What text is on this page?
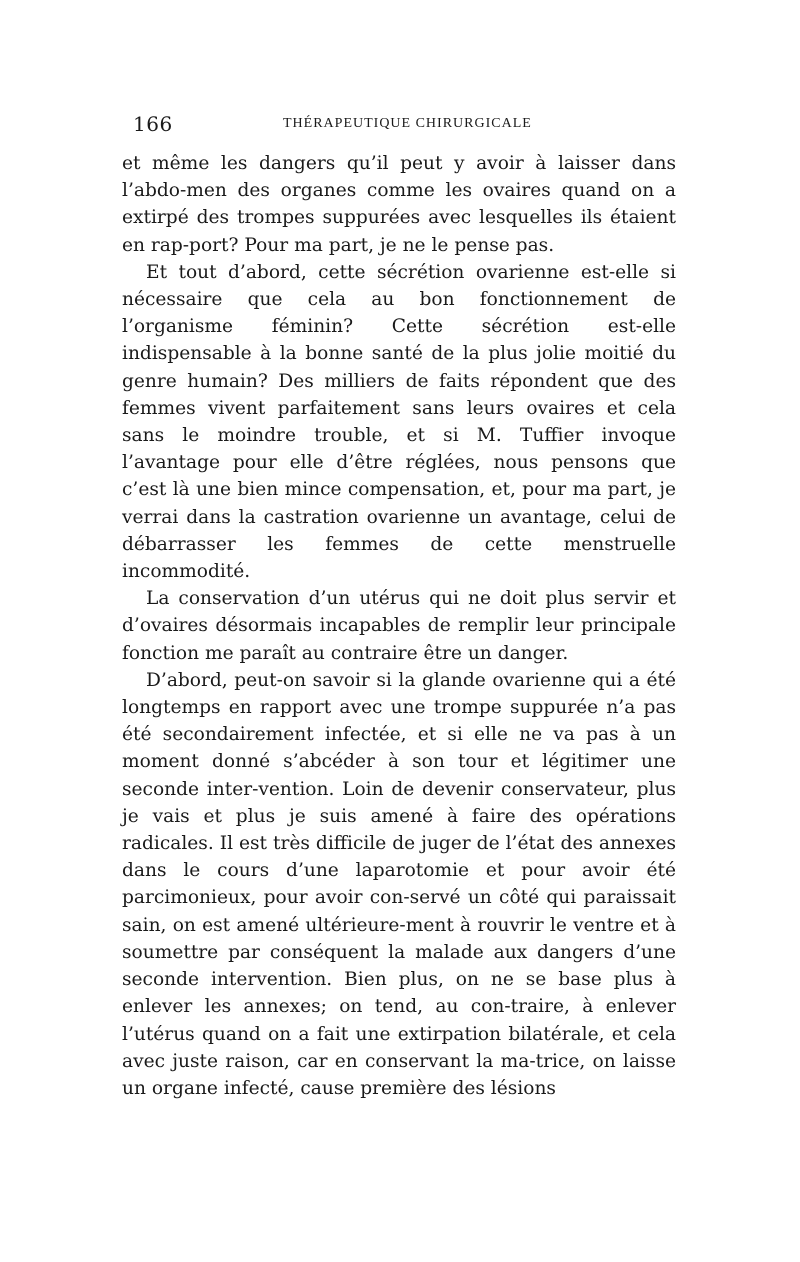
166	THÉRAPEUTIQUE CHIRURGICALE

et même les dangers qu’il peut y avoir à laisser dans l’abdo-men des organes comme les ovaires quand on a extirpé des trompes suppurées avec lesquelles ils étaient en rap-port? Pour ma part, je ne le pense pas.

Et tout d’abord, cette sécrétion ovarienne est-elle si nécessaire que cela au bon fonctionnement de l’organisme féminin? Cette sécrétion est-elle indispensable à la bonne santé de la plus jolie moitié du genre humain? Des milliers de faits répondent que des femmes vivent parfaitement sans leurs ovaires et cela sans le moindre trouble, et si M. Tuffier invoque l’avantage pour elle d’être réglées, nous pensons que c’est là une bien mince compensation, et, pour ma part, je verrai dans la castration ovarienne un avantage, celui de débarrasser les femmes de cette menstruelle incommodité.

La conservation d’un utérus qui ne doit plus servir et d’ovaires désormais incapables de remplir leur principale fonction me paraît au contraire être un danger.

D’abord, peut-on savoir si la glande ovarienne qui a été longtemps en rapport avec une trompe suppurée n’a pas été secondairement infectée, et si elle ne va pas à un moment donné s’abcéder à son tour et légitimer une seconde inter-vention. Loin de devenir conservateur, plus je vais et plus je suis amené à faire des opérations radicales. Il est très difficile de juger de l’état des annexes dans le cours d’une laparotomie et pour avoir été parcimonieux, pour avoir con-servé un côté qui paraissait sain, on est amené ultérieure-ment à rouvrir le ventre et à soumettre par conséquent la malade aux dangers d’une seconde intervention. Bien plus, on ne se base plus à enlever les annexes; on tend, au con-traire, à enlever l’utérus quand on a fait une extirpation bilatérale, et cela avec juste raison, car en conservant la ma-trice, on laisse un organe infecté, cause première des lésions
